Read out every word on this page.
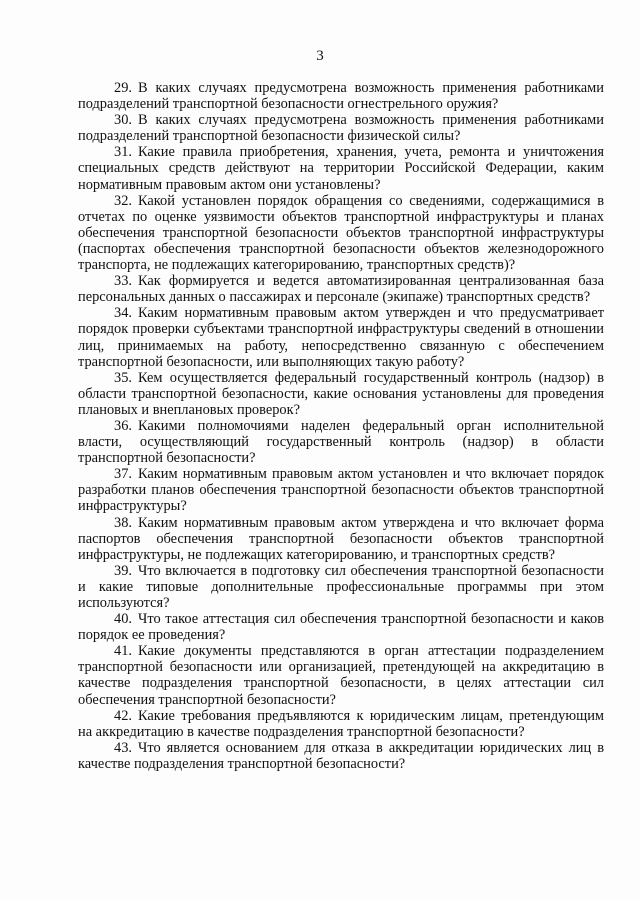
3

29. В каких случаях предусмотрена возможность применения работниками подразделений транспортной безопасности огнестрельного оружия?

30. В каких случаях предусмотрена возможность применения работниками подразделений транспортной безопасности физической силы?

31. Какие правила приобретения, хранения, учета, ремонта и уничтожения специальных средств действуют на территории Российской Федерации, каким нормативным правовым актом они установлены?

32. Какой установлен порядок обращения со сведениями, содержащимися в отчетах по оценке уязвимости объектов транспортной инфраструктуры и планах обеспечения транспортной безопасности объектов транспортной инфраструктуры (паспортах обеспечения транспортной безопасности объектов железнодорожного транспорта, не подлежащих категорированию, транспортных средств)?

33. Как формируется и ведется автоматизированная централизованная база персональных данных о пассажирах и персонале (экипаже) транспортных средств?

34. Каким нормативным правовым актом утвержден и что предусматривает порядок проверки субъектами транспортной инфраструктуры сведений в отношении лиц, принимаемых на работу, непосредственно связанную с обеспечением транспортной безопасности, или выполняющих такую работу?

35. Кем осуществляется федеральный государственный контроль (надзор) в области транспортной безопасности, какие основания установлены для проведения плановых и внеплановых проверок?

36. Какими полномочиями наделен федеральный орган исполнительной власти, осуществляющий государственный контроль (надзор) в области транспортной безопасности?

37. Каким нормативным правовым актом установлен и что включает порядок разработки планов обеспечения транспортной безопасности объектов транспортной инфраструктуры?

38. Каким нормативным правовым актом утверждена и что включает форма паспортов обеспечения транспортной безопасности объектов транспортной инфраструктуры, не подлежащих категорированию, и транспортных средств?

39. Что включается в подготовку сил обеспечения транспортной безопасности и какие типовые дополнительные профессиональные программы при этом используются?

40. Что такое аттестация сил обеспечения транспортной безопасности и каков порядок ее проведения?

41. Какие документы представляются в орган аттестации подразделением транспортной безопасности или организацией, претендующей на аккредитацию в качестве подразделения транспортной безопасности, в целях аттестации сил обеспечения транспортной безопасности?

42. Какие требования предъявляются к юридическим лицам, претендующим на аккредитацию в качестве подразделения транспортной безопасности?

43. Что является основанием для отказа в аккредитации юридических лиц в качестве подразделения транспортной безопасности?
